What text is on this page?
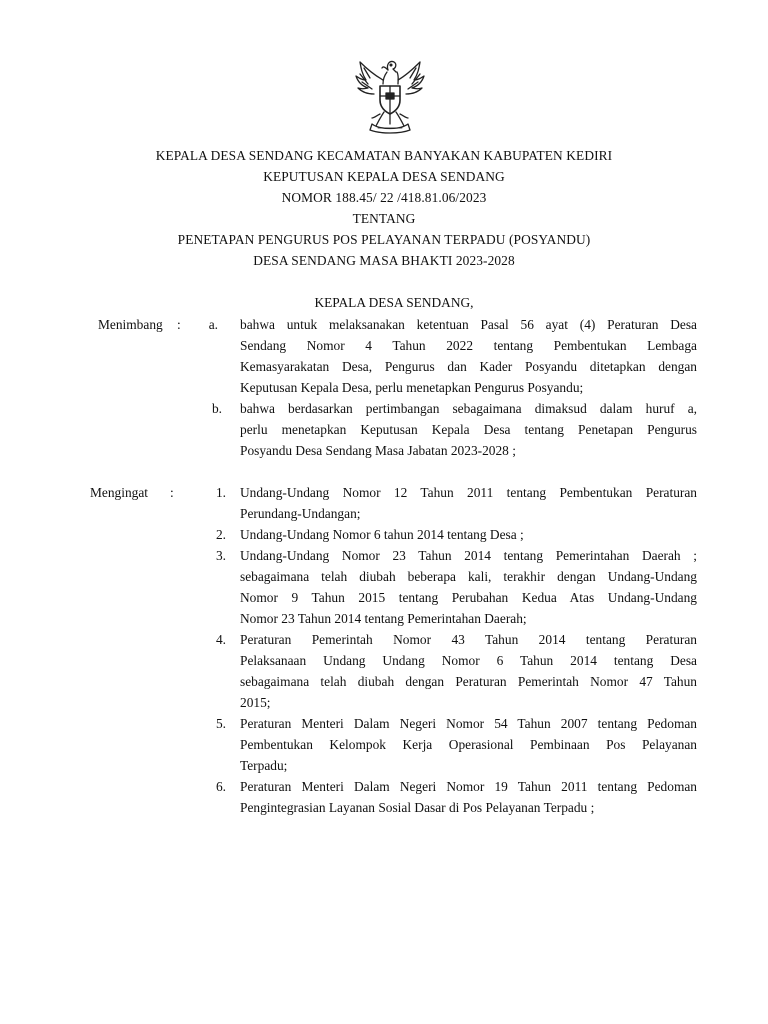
KEPALA DESA SENDANG KECAMATAN BANYAKAN KABUPATEN KEDIRI
KEPUTUSAN KEPALA DESA SENDANG
NOMOR 188.45/ 22 /418.81.06/2023
TENTANG
PENETAPAN PENGURUS POS PELAYANAN TERPADU (POSYANDU)
DESA SENDANG MASA BHAKTI 2023-2028
KEPALA DESA SENDANG,
Menimbang :	a. bahwa untuk melaksanakan ketentuan Pasal 56 ayat (4) Peraturan Desa
Sendang Nomor 4 Tahun 2022 tentang Pembentukan Lembaga
Kemasyarakatan Desa, Pengurus dan Kader Posyandu ditetapkan dengan
Keputusan Kepala Desa, perlu menetapkan Pengurus Posyandu;
b. bahwa berdasarkan pertimbangan sebagaimana dimaksud dalam huruf a,
perlu menetapkan Keputusan Kepala Desa tentang Penetapan Pengurus
Posyandu Desa Sendang Masa Jabatan 2023-2028 ;
Mengingat :	1. Undang-Undang Nomor 12 Tahun 2011 tentang Pembentukan Peraturan
Perundang-Undangan;
2. Undang-Undang Nomor 6 tahun 2014 tentang Desa ;
3. Undang-Undang Nomor 23 Tahun 2014 tentang Pemerintahan Daerah ;
sebagaimana telah diubah beberapa kali, terakhir dengan Undang-Undang
Nomor 9 Tahun 2015 tentang Perubahan Kedua Atas Undang-Undang
Nomor 23 Tahun 2014 tentang Pemerintahan Daerah;
4. Peraturan Pemerintah Nomor 43 Tahun 2014 tentang Peraturan
Pelaksanaan Undang Undang Nomor 6 Tahun 2014 tentang Desa
sebagaimana telah diubah dengan Peraturan Pemerintah Nomor 47 Tahun
2015;
5. Peraturan Menteri Dalam Negeri Nomor 54 Tahun 2007 tentang Pedoman
Pembentukan Kelompok Kerja Operasional Pembinaan Pos Pelayanan
Terpadu;
6. Peraturan Menteri Dalam Negeri Nomor 19 Tahun 2011 tentang Pedoman
Pengintegrasian Layanan Sosial Dasar di Pos Pelayanan Terpadu ;
